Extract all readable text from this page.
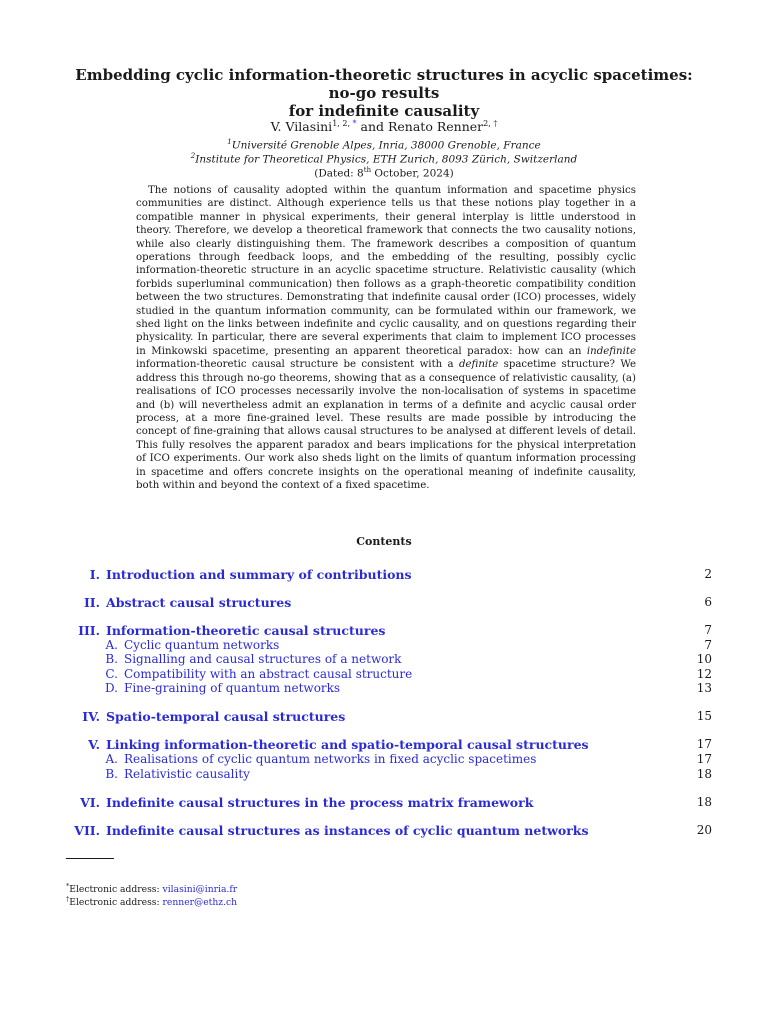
Embedding cyclic information-theoretic structures in acyclic spacetimes: no-go results
for indefinite causality
V. Vilasini$^{1, 2, *}$ and Renato Renner$^{2, \dagger}$
$^1$Université Grenoble Alpes, Inria, 38000 Grenoble, France
$^2$Institute for Theoretical Physics, ETH Zurich, 8093 Zürich, Switzerland
(Dated: 8th October, 2024)

The notions of causality adopted within the quantum information and spacetime physics communities are distinct. Although experience tells us that these notions play together in a compatible manner in physical experiments, their general interplay is little understood in theory. Therefore, we develop a theoretical framework that connects the two causality notions, while also clearly distinguishing them. The framework describes a composition of quantum operations through feedback loops, and the embedding of the resulting, possibly cyclic information-theoretic structure in an acyclic spacetime structure. Relativistic causality (which forbids superluminal communication) then follows as a graph-theoretic compatibility condition between the two structures. Demonstrating that indefinite causal order (ICO) processes, widely studied in the quantum information community, can be formulated within our framework, we shed light on the links between indefinite and cyclic causality, and on questions regarding their physicality. In particular, there are several experiments that claim to implement ICO processes in Minkowski spacetime, presenting an apparent theoretical paradox: how can an indefinite information-theoretic causal structure be consistent with a definite spacetime structure? We address this through no-go theorems, showing that as a consequence of relativistic causality, (a) realisations of ICO processes necessarily involve the non-localisation of systems in spacetime and (b) will nevertheless admit an explanation in terms of a definite and acyclic causal order process, at a more fine-grained level. These results are made possible by introducing the concept of fine-graining that allows causal structures to be analysed at different levels of detail. This fully resolves the apparent paradox and bears implications for the physical interpretation of ICO experiments. Our work also sheds light on the limits of quantum information processing in spacetime and offers concrete insights on the operational meaning of indefinite causality, both within and beyond the context of a fixed spacetime.

Contents
I. Introduction and summary of contributions	2
II. Abstract causal structures	6
III. Information-theoretic causal structures	7
A. Cyclic quantum networks	7
B. Signalling and causal structures of a network	10
C. Compatibility with an abstract causal structure	12
D. Fine-graining of quantum networks	13
IV. Spatio-temporal causal structures	15
V. Linking information-theoretic and spatio-temporal causal structures	17
A. Realisations of cyclic quantum networks in fixed acyclic spacetimes	17
B. Relativistic causality	18
VI. Indefinite causal structures in the process matrix framework	18
VII. Indefinite causal structures as instances of cyclic quantum networks	20
*Electronic address: vilasini@inria.fr
†Electronic address: renner@ethz.ch
